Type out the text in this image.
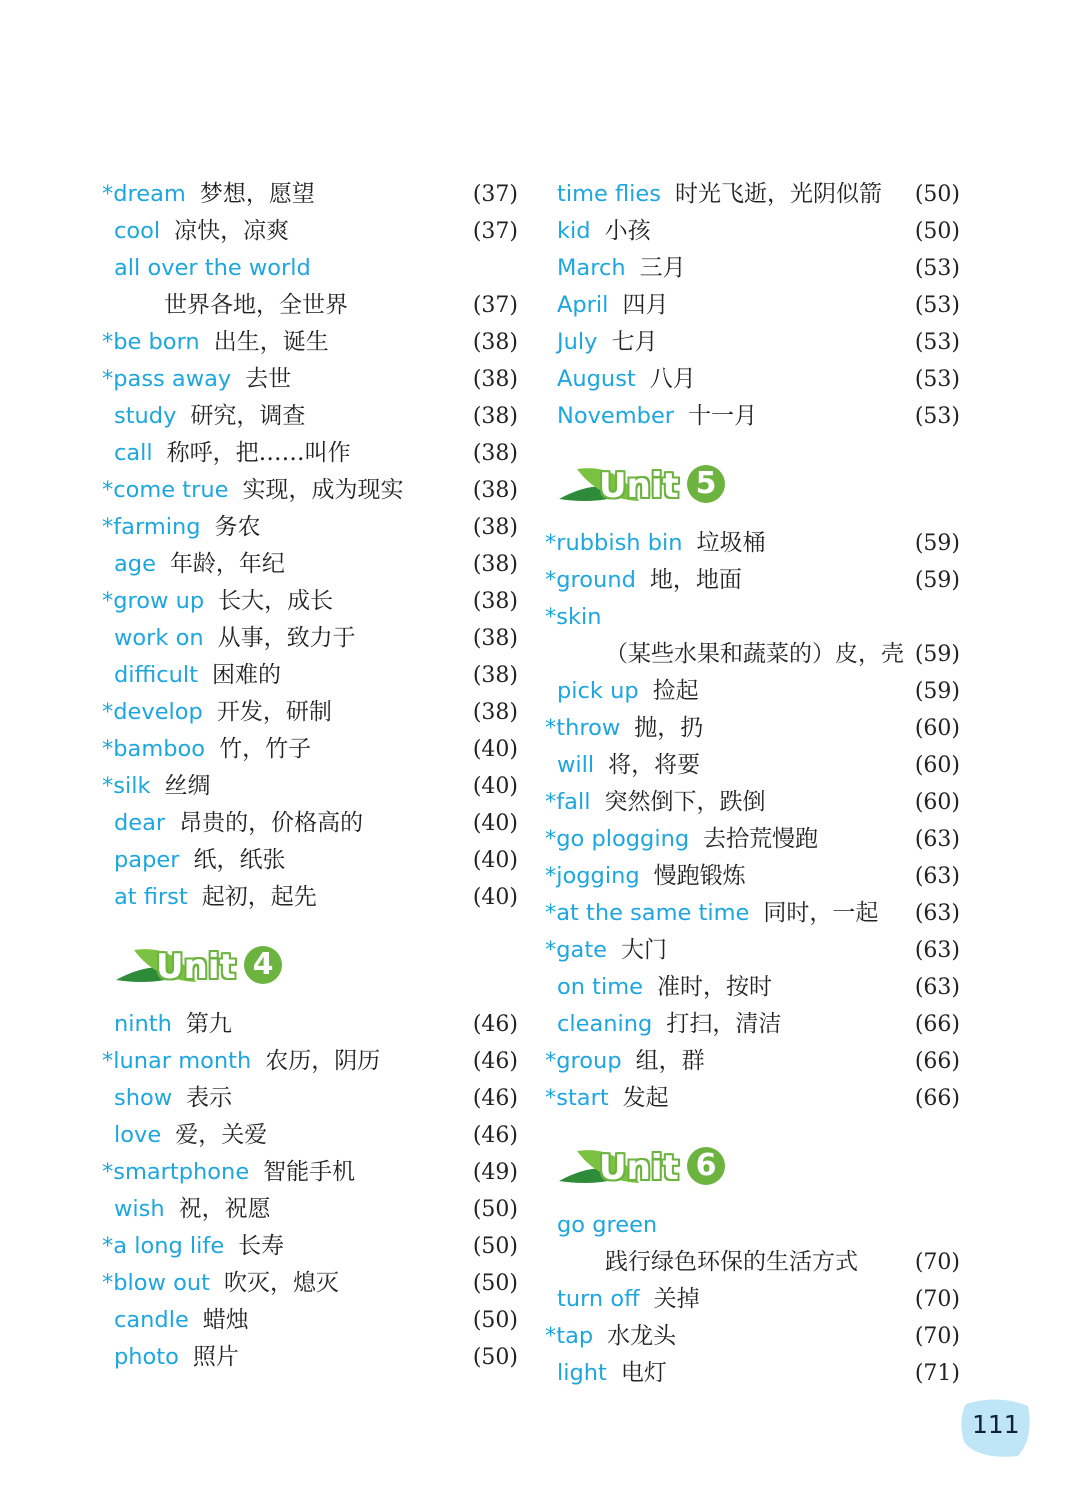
*dream 梦想，愿望	(37)
cool 凉快，凉爽	(37)
all over the world
世界各地，全世界	(37)
*be born 出生，诞生	(38)
*pass away 去世	(38)
study 研究，调查	(38)
call 称呼，把……叫作	(38)
*come true 实现，成为现实	(38)
*farming 务农	(38)
age 年龄，年纪	(38)
*grow up 长大，成长	(38)
work on 从事，致力于	(38)
difficult 困难的	(38)
*develop 开发，研制	(38)
*bamboo 竹，竹子	(40)
*silk 丝绸	(40)
dear 昂贵的，价格高的	(40)
paper 纸，纸张	(40)
at first 起初，起先	(40)
Unit 4
ninth 第九	(46)
*lunar month 农历，阴历	(46)
show 表示	(46)
love 爱，关爱	(46)
*smartphone 智能手机	(49)
wish 祝，祝愿	(50)
*a long life 长寿	(50)
*blow out 吹灭，熄灭	(50)
candle 蜡烛	(50)
photo 照片	(50)
time flies 时光飞逝，光阴似箭 (50)
kid 小孩	(50)
March 三月	(53)
April 四月	(53)
July 七月	(53)
August 八月	(53)
November 十一月	(53)
Unit 5
*rubbish bin 垃圾桶	(59)
*ground 地，地面	(59)
*skin
（某些水果和蔬菜的）皮，壳 (59)
pick up 捡起	(59)
*throw 抛，扔	(60)
will 将，将要	(60)
*fall 突然倒下，跌倒	(60)
*go plogging 去拾荒慢跑	(63)
*jogging 慢跑锻炼	(63)
*at the same time 同时，一起 (63)
*gate 大门	(63)
on time 准时，按时	(63)
cleaning 打扫，清洁	(66)
*group 组，群	(66)
*start 发起	(66)
Unit 6
go green
践行绿色环保的生活方式	(70)
turn off 关掉	(70)
*tap 水龙头	(70)
light 电灯	(71)
111
